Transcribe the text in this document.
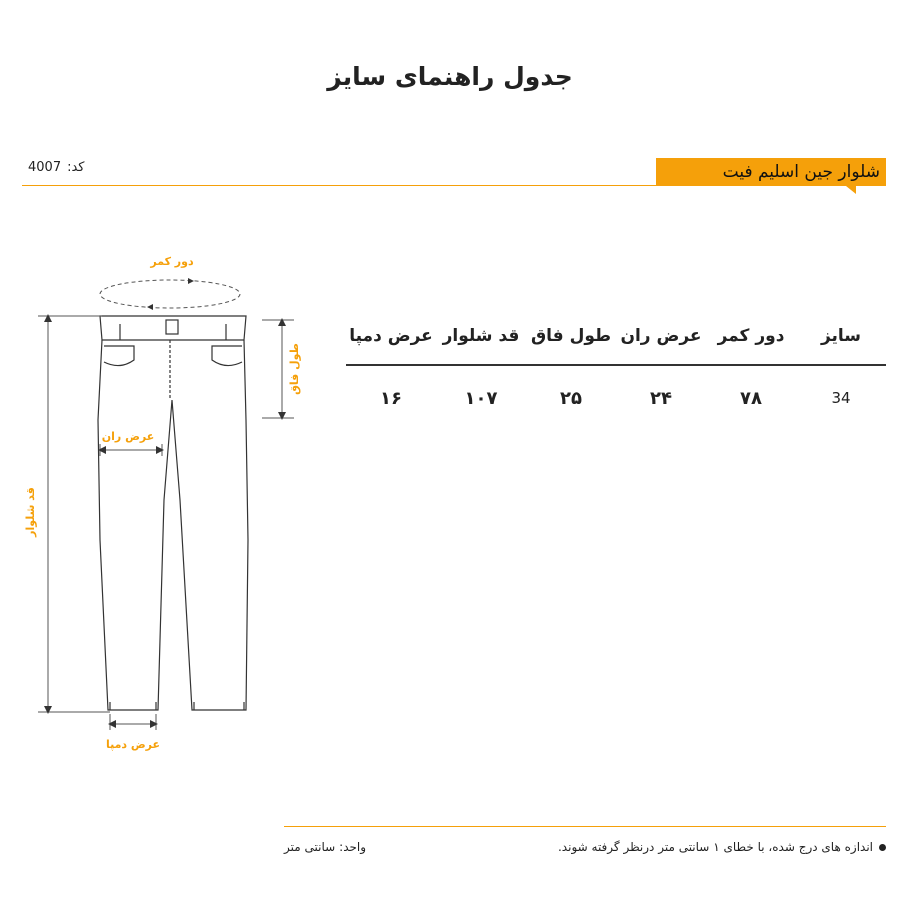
جدول راهنمای سایز
کد:
4007	شلوار جین اسلیم فیت
دور کمر
طول فاق
عرض ران
قد شلوار
عرض دمپا
سایز
دور کمر
عرض ران
طول فاق
قد شلوار
عرض دمپا
34
۷۸
۲۴
۲۵
۱۰۷
۱۶
اندازه های درج شده، با خطای ۱ سانتی متر درنظر گرفته شوند.
واحد:
سانتی متر
